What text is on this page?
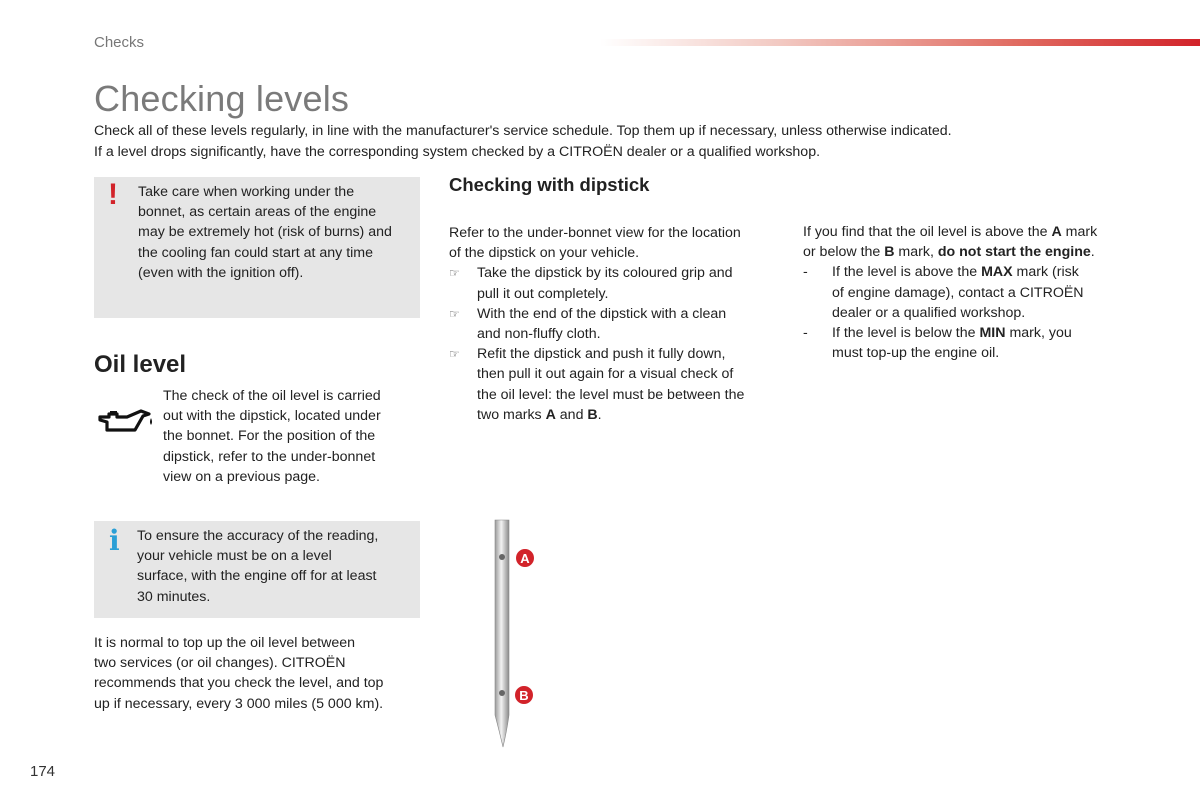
Checks
Checking levels
Check all of these levels regularly, in line with the manufacturer's service schedule. Top them up if necessary, unless otherwise indicated.
If a level drops significantly, have the corresponding system checked by a CITROËN dealer or a qualified workshop.
! Take care when working under the
bonnet, as certain areas of the engine
may be extremely hot (risk of burns) and
the cooling fan could start at any time
(even with the ignition off).
Oil level
The check of the oil level is carried
out with the dipstick, located under
the bonnet. For the position of the
dipstick, refer to the under-bonnet
view on a previous page.
i To ensure the accuracy of the reading,
your vehicle must be on a level
surface, with the engine off for at least
30 minutes.
It is normal to top up the oil level between
two services (or oil changes). CITROËN
recommends that you check the level, and top
up if necessary, every 3 000 miles (5 000 km).
Checking with dipstick
Refer to the under-bonnet view for the location
of the dipstick on your vehicle.
☞ Take the dipstick by its coloured grip and
pull it out completely.
☞ With the end of the dipstick with a clean
and non-fluffy cloth.
☞ Refit the dipstick and push it fully down,
then pull it out again for a visual check of
the oil level: the level must be between the
two marks A and B.
If you find that the oil level is above the A mark
or below the B mark, do not start the engine.
- If the level is above the MAX mark (risk
of engine damage), contact a CITROËN
dealer or a qualified workshop.
- If the level is below the MIN mark, you
must top-up the engine oil.
A
B
174
